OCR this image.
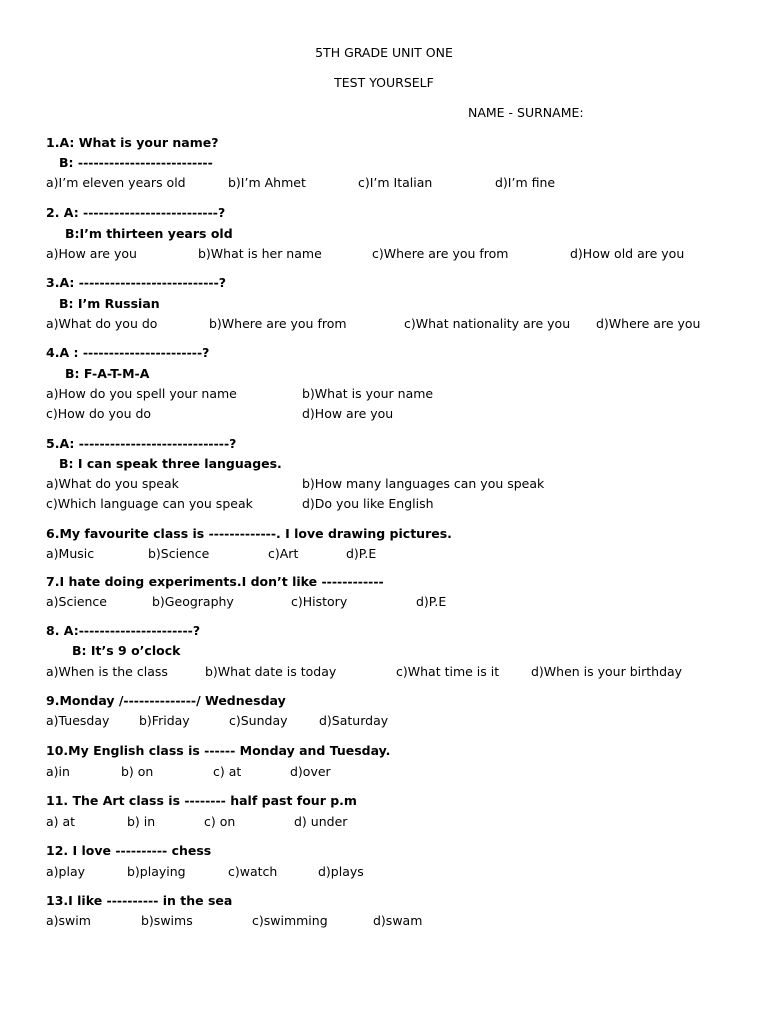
5TH GRADE UNIT ONE
TEST YOURSELF
NAME - SURNAME:
1.A: What is your name?
B: --------------------------
a)I’m eleven years old	b)I’m Ahmet	c)I’m Italian	d)I’m fine
2. A: --------------------------?
B:I’m thirteen years old
a)How are you	b)What is her name	c)Where are you from	d)How old are you
3.A: ---------------------------?
B: I’m Russian
a)What do you do	b)Where are you from	c)What nationality are you d)Where are you
4.A : -----------------------?
B: F-A-T-M-A
a)How do you spell your name	b)What is your name
c)How do you do	d)How are you
5.A: -----------------------------?
B: I can speak three languages.
a)What do you speak	b)How many languages can you speak
c)Which language can you speak	d)Do you like English
6.My favourite class is -------------. I love drawing pictures.
a)Music	b)Science	c)Art	d)P.E
7.I hate doing experiments.I don’t like ------------
a)Science	b)Geography	c)History	d)P.E
8. A:----------------------?
B: It’s 9 o’clock
a)When is the class	b)What date is today	c)What time is it	d)When is your birthday
9.Monday /--------------/ Wednesday
a)Tuesday b)Friday	c)Sunday	d)Saturday
10.My English class is ------ Monday and Tuesday.
a)in	b) on	c) at	d)over
11. The Art class is -------- half past four p.m
a) at	b) in	c) on	d) under
12. I love ---------- chess
a)play	b)playing	c)watch	d)plays
13.I like ---------- in the sea
a)swim	b)swims	c)swimming	d)swam
